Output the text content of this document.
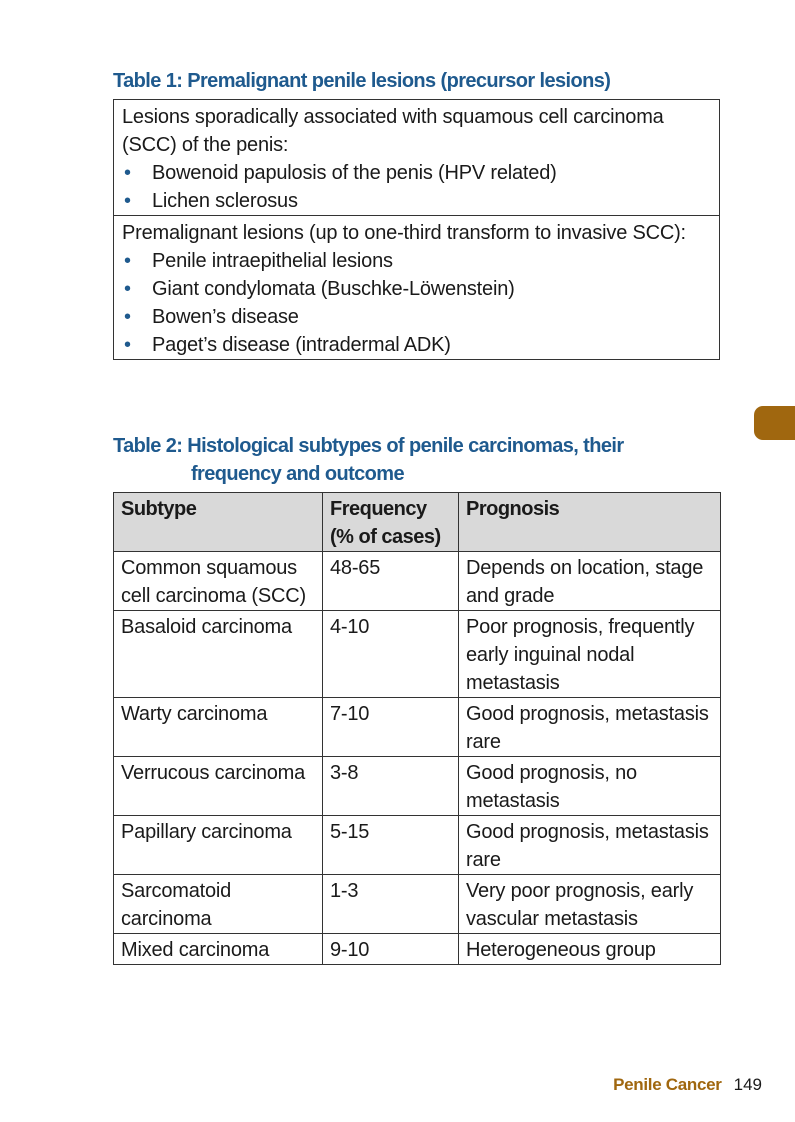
Table 1: Premalignant penile lesions (precursor lesions)
Lesions sporadically associated with squamous cell carcinoma (SCC) of the penis:
• Bowenoid papulosis of the penis (HPV related)
• Lichen sclerosus

Premalignant lesions (up to one-third transform to invasive SCC):
• Penile intraepithelial lesions
• Giant condylomata (Buschke-Löwenstein)
• Bowen’s disease
• Paget’s disease (intradermal ADK)
Table 2: Histological subtypes of penile carcinomas, their
frequency and outcome
Subtype	Frequency (% of cases)	Prognosis
Common squamous cell carcinoma (SCC)	48-65	Depends on location, stage and grade
Basaloid carcinoma	4-10	Poor prognosis, frequently early inguinal nodal metastasis
Warty carcinoma	7-10	Good prognosis, metastasis rare
Verrucous carcinoma	3-8	Good prognosis, no metastasis
Papillary carcinoma	5-15	Good prognosis, metastasis rare
Sarcomatoid carcinoma	1-3	Very poor prognosis, early vascular metastasis
Mixed carcinoma	9-10	Heterogeneous group
Penile Cancer 149
